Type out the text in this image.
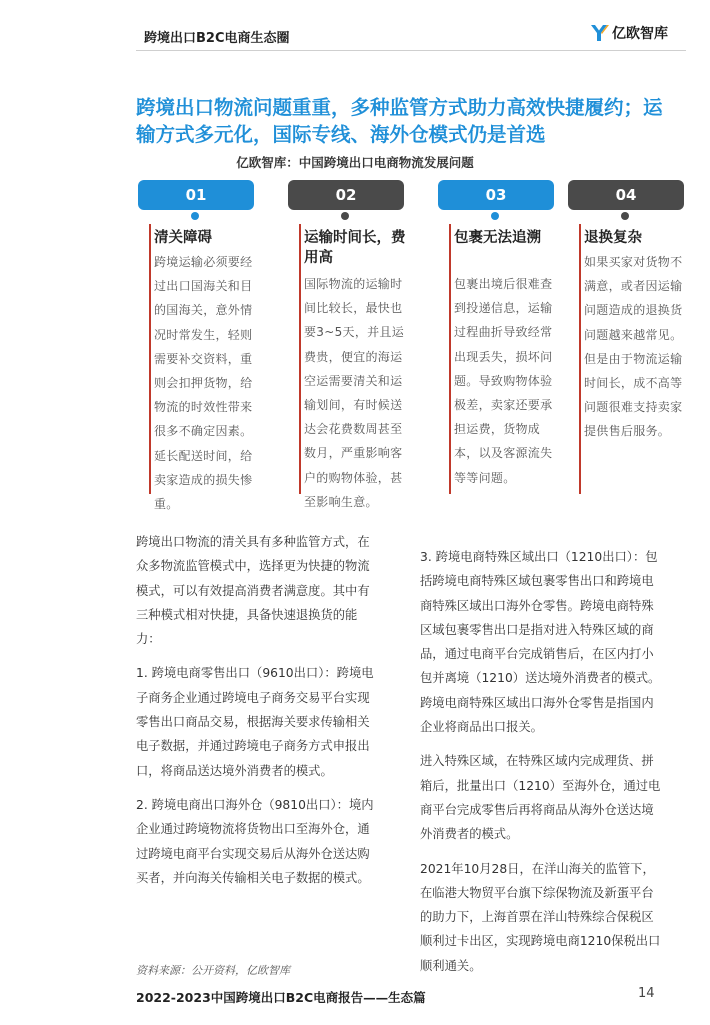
跨境出口B2C电商生态圈	亿欧智库
跨境出口物流问题重重，多种监管方式助力高效快捷履约；运输方式多元化，国际专线、海外仓模式仍是首选
亿欧智库：中国跨境出口电商物流发展问题
01
清关障碍
跨境运输必须要经过出口国海关和目的国海关，意外情况时常发生，轻则需要补交资料，重则会扣押货物，给物流的时效性带来很多不确定因素。延长配送时间，给卖家造成的损失惨重。
02
运输时间长，费用高
国际物流的运输时间比较长，最快也要3~5天，并且运费贵，便宜的海运空运需要清关和运输划间，有时候送达会花费数周甚至数月，严重影响客户的购物体验，甚至影响生意。
03
包裹无法追溯
包裹出境后很难查到投递信息，运输过程曲折导致经常出现丢失，损坏问题。导致购物体验极差，卖家还要承担运费，货物成本，以及客源流失等等问题。
04
退换复杂
如果买家对货物不满意，或者因运输问题造成的退换货问题越来越常见。但是由于物流运输时间长，成不高等问题很难支持卖家提供售后服务。

跨境出口物流的清关具有多种监管方式，在众多物流监管模式中，选择更为快捷的物流模式，可以有效提高消费者满意度。其中有三种模式相对快捷，具备快速退换货的能力：

1. 跨境电商零售出口（9610出口）：跨境电子商务企业通过跨境电子商务交易平台实现零售出口商品交易，根据海关要求传输相关电子数据，并通过跨境电子商务方式申报出口，将商品送达境外消费者的模式。

2. 跨境电商出口海外仓（9810出口）：境内企业通过跨境物流将货物出口至海外仓，通过跨境电商平台实现交易后从海外仓送达购买者，并向海关传输相关电子数据的模式。

3. 跨境电商特殊区域出口（1210出口）：包括跨境电商特殊区域包裹零售出口和跨境电商特殊区域出口海外仓零售。跨境电商特殊区域包裹零售出口是指对进入特殊区域的商品，通过电商平台完成销售后，在区内打小包并离境（1210）送达境外消费者的模式。跨境电商特殊区域出口海外仓零售是指国内企业将商品出口报关。

进入特殊区域，在特殊区域内完成理货、拼箱后，批量出口（1210）至海外仓，通过电商平台完成零售后再将商品从海外仓送达境外消费者的模式。

2021年10月28日，在洋山海关的监管下，在临港大物贸平台旗下综保物流及新蛋平台的助力下，上海首票在洋山特殊综合保税区顺利过卡出区，实现跨境电商1210保税出口顺利通关。

资料来源：公开资料，亿欧智库
2022-2023中国跨境出口B2C电商报告——生态篇	14
